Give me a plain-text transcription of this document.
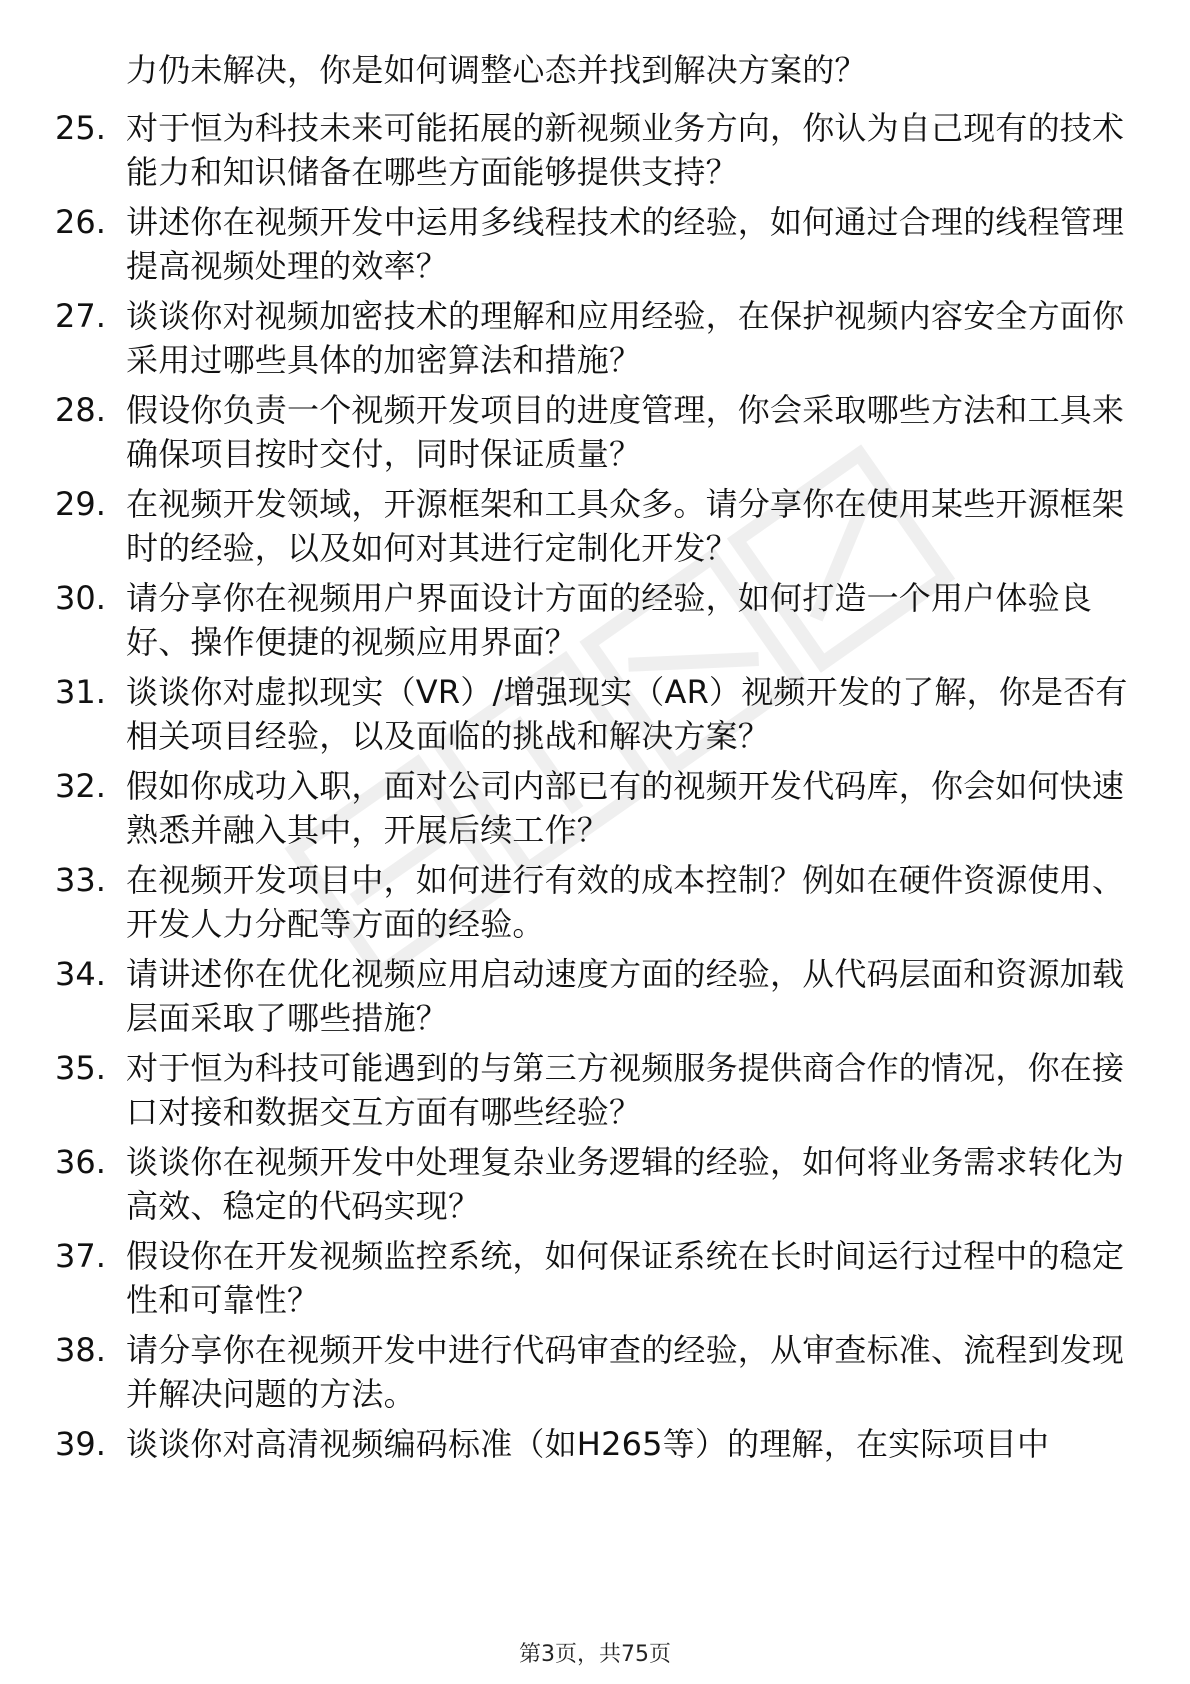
力仍未解决，你是如何调整心态并找到解决方案的？
25. 对于恒为科技未来可能拓展的新视频业务方向，你认为自己现有的技术能力和知识储备在哪些方面能够提供支持？
26. 讲述你在视频开发中运用多线程技术的经验，如何通过合理的线程管理提高视频处理的效率？
27. 谈谈你对视频加密技术的理解和应用经验，在保护视频内容安全方面你采用过哪些具体的加密算法和措施？
28. 假设你负责一个视频开发项目的进度管理，你会采取哪些方法和工具来确保项目按时交付，同时保证质量？
29. 在视频开发领域，开源框架和工具众多。请分享你在使用某些开源框架时的经验，以及如何对其进行定制化开发？
30. 请分享你在视频用户界面设计方面的经验，如何打造一个用户体验良好、操作便捷的视频应用界面？
31. 谈谈你对虚拟现实（VR）/增强现实（AR）视频开发的了解，你是否有相关项目经验，以及面临的挑战和解决方案？
32. 假如你成功入职，面对公司内部已有的视频开发代码库，你会如何快速熟悉并融入其中，开展后续工作？
33. 在视频开发项目中，如何进行有效的成本控制？例如在硬件资源使用、开发人力分配等方面的经验。
34. 请讲述你在优化视频应用启动速度方面的经验，从代码层面和资源加载层面采取了哪些措施？
35. 对于恒为科技可能遇到的与第三方视频服务提供商合作的情况，你在接口对接和数据交互方面有哪些经验？
36. 谈谈你在视频开发中处理复杂业务逻辑的经验，如何将业务需求转化为高效、稳定的代码实现？
37. 假设你在开发视频监控系统，如何保证系统在长时间运行过程中的稳定性和可靠性？
38. 请分享你在视频开发中进行代码审查的经验，从审查标准、流程到发现并解决问题的方法。
39. 谈谈你对高清视频编码标准（如H265等）的理解，在实际项目中
第3页，共75页
